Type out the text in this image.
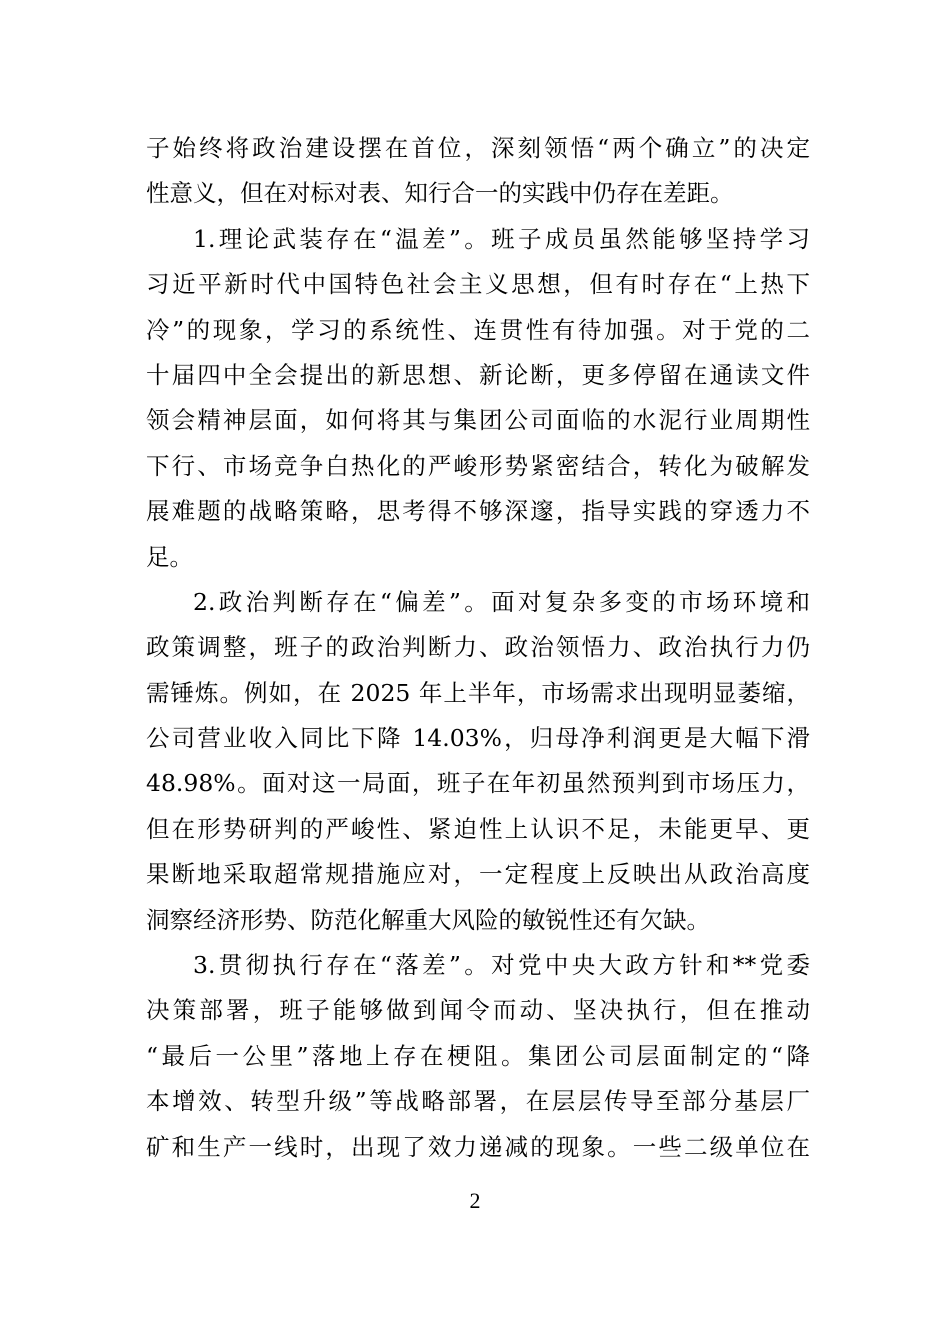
子始终将政治建设摆在首位，深刻领悟“两个确立”的决定
性意义，但在对标对表、知行合一的实践中仍存在差距。
1.理论武装存在“温差”。班子成员虽然能够坚持学习
习近平新时代中国特色社会主义思想，但有时存在“上热下
冷”的现象，学习的系统性、连贯性有待加强。对于党的二
十届四中全会提出的新思想、新论断，更多停留在通读文件
领会精神层面，如何将其与集团公司面临的水泥行业周期性
下行、市场竞争白热化的严峻形势紧密结合，转化为破解发
展难题的战略策略，思考得不够深邃，指导实践的穿透力不
足。
2.政治判断存在“偏差”。面对复杂多变的市场环境和
政策调整，班子的政治判断力、政治领悟力、政治执行力仍
需锤炼。例如，在 2025 年上半年，市场需求出现明显萎缩，
公司营业收入同比下降 14.03%，归母净利润更是大幅下滑
48.98%。面对这一局面，班子在年初虽然预判到市场压力，
但在形势研判的严峻性、紧迫性上认识不足，未能更早、更
果断地采取超常规措施应对，一定程度上反映出从政治高度
洞察经济形势、防范化解重大风险的敏锐性还有欠缺。
3.贯彻执行存在“落差”。对党中央大政方针和**党委
决策部署，班子能够做到闻令而动、坚决执行，但在推动
“最后一公里”落地上存在梗阻。集团公司层面制定的“降
本增效、转型升级”等战略部署，在层层传导至部分基层厂
矿和生产一线时，出现了效力递减的现象。一些二级单位在
2
